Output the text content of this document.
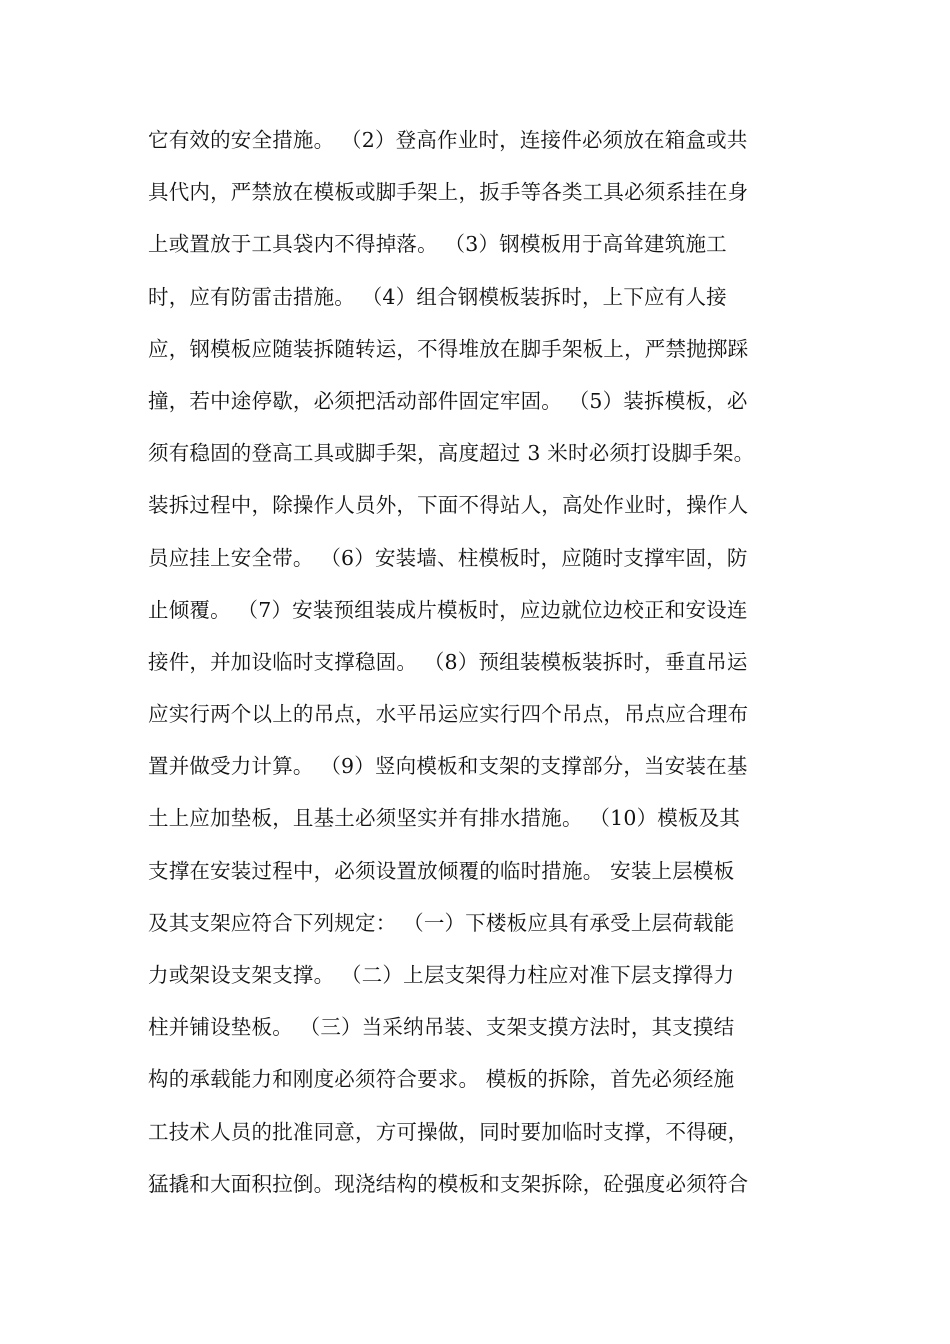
它有效的安全措施。 （2）登高作业时，连接件必须放在箱盒或共
具代内，严禁放在模板或脚手架上，扳手等各类工具必须系挂在身
上或置放于工具袋内不得掉落。 （3）钢模板用于高耸建筑施工
时，应有防雷击措施。 （4）组合钢模板装拆时，上下应有人接
应，钢模板应随装拆随转运，不得堆放在脚手架板上，严禁抛掷踩
撞，若中途停歇，必须把活动部件固定牢固。 （5）装拆模板，必
须有稳固的登高工具或脚手架，高度超过 3 米时必须打设脚手架。
装拆过程中，除操作人员外，下面不得站人，高处作业时，操作人
员应挂上安全带。 （6）安装墙、柱模板时，应随时支撑牢固，防
止倾覆。 （7）安装预组装成片模板时，应边就位边校正和安设连
接件，并加设临时支撑稳固。 （8）预组装模板装拆时，垂直吊运
应实行两个以上的吊点，水平吊运应实行四个吊点，吊点应合理布
置并做受力计算。 （9）竖向模板和支架的支撑部分，当安装在基
土上应加垫板，且基土必须坚实并有排水措施。 （10）模板及其
支撑在安装过程中，必须设置放倾覆的临时措施。 安装上层模板
及其支架应符合下列规定： （一）下楼板应具有承受上层荷载能
力或架设支架支撑。 （二）上层支架得力柱应对准下层支撑得力
柱并铺设垫板。 （三）当采纳吊装、支架支摸方法时，其支摸结
构的承载能力和刚度必须符合要求。 模板的拆除，首先必须经施
工技术人员的批准同意，方可操做，同时要加临时支撑，不得硬，
猛撬和大面积拉倒。现浇结构的模板和支架拆除，砼强度必须符合
